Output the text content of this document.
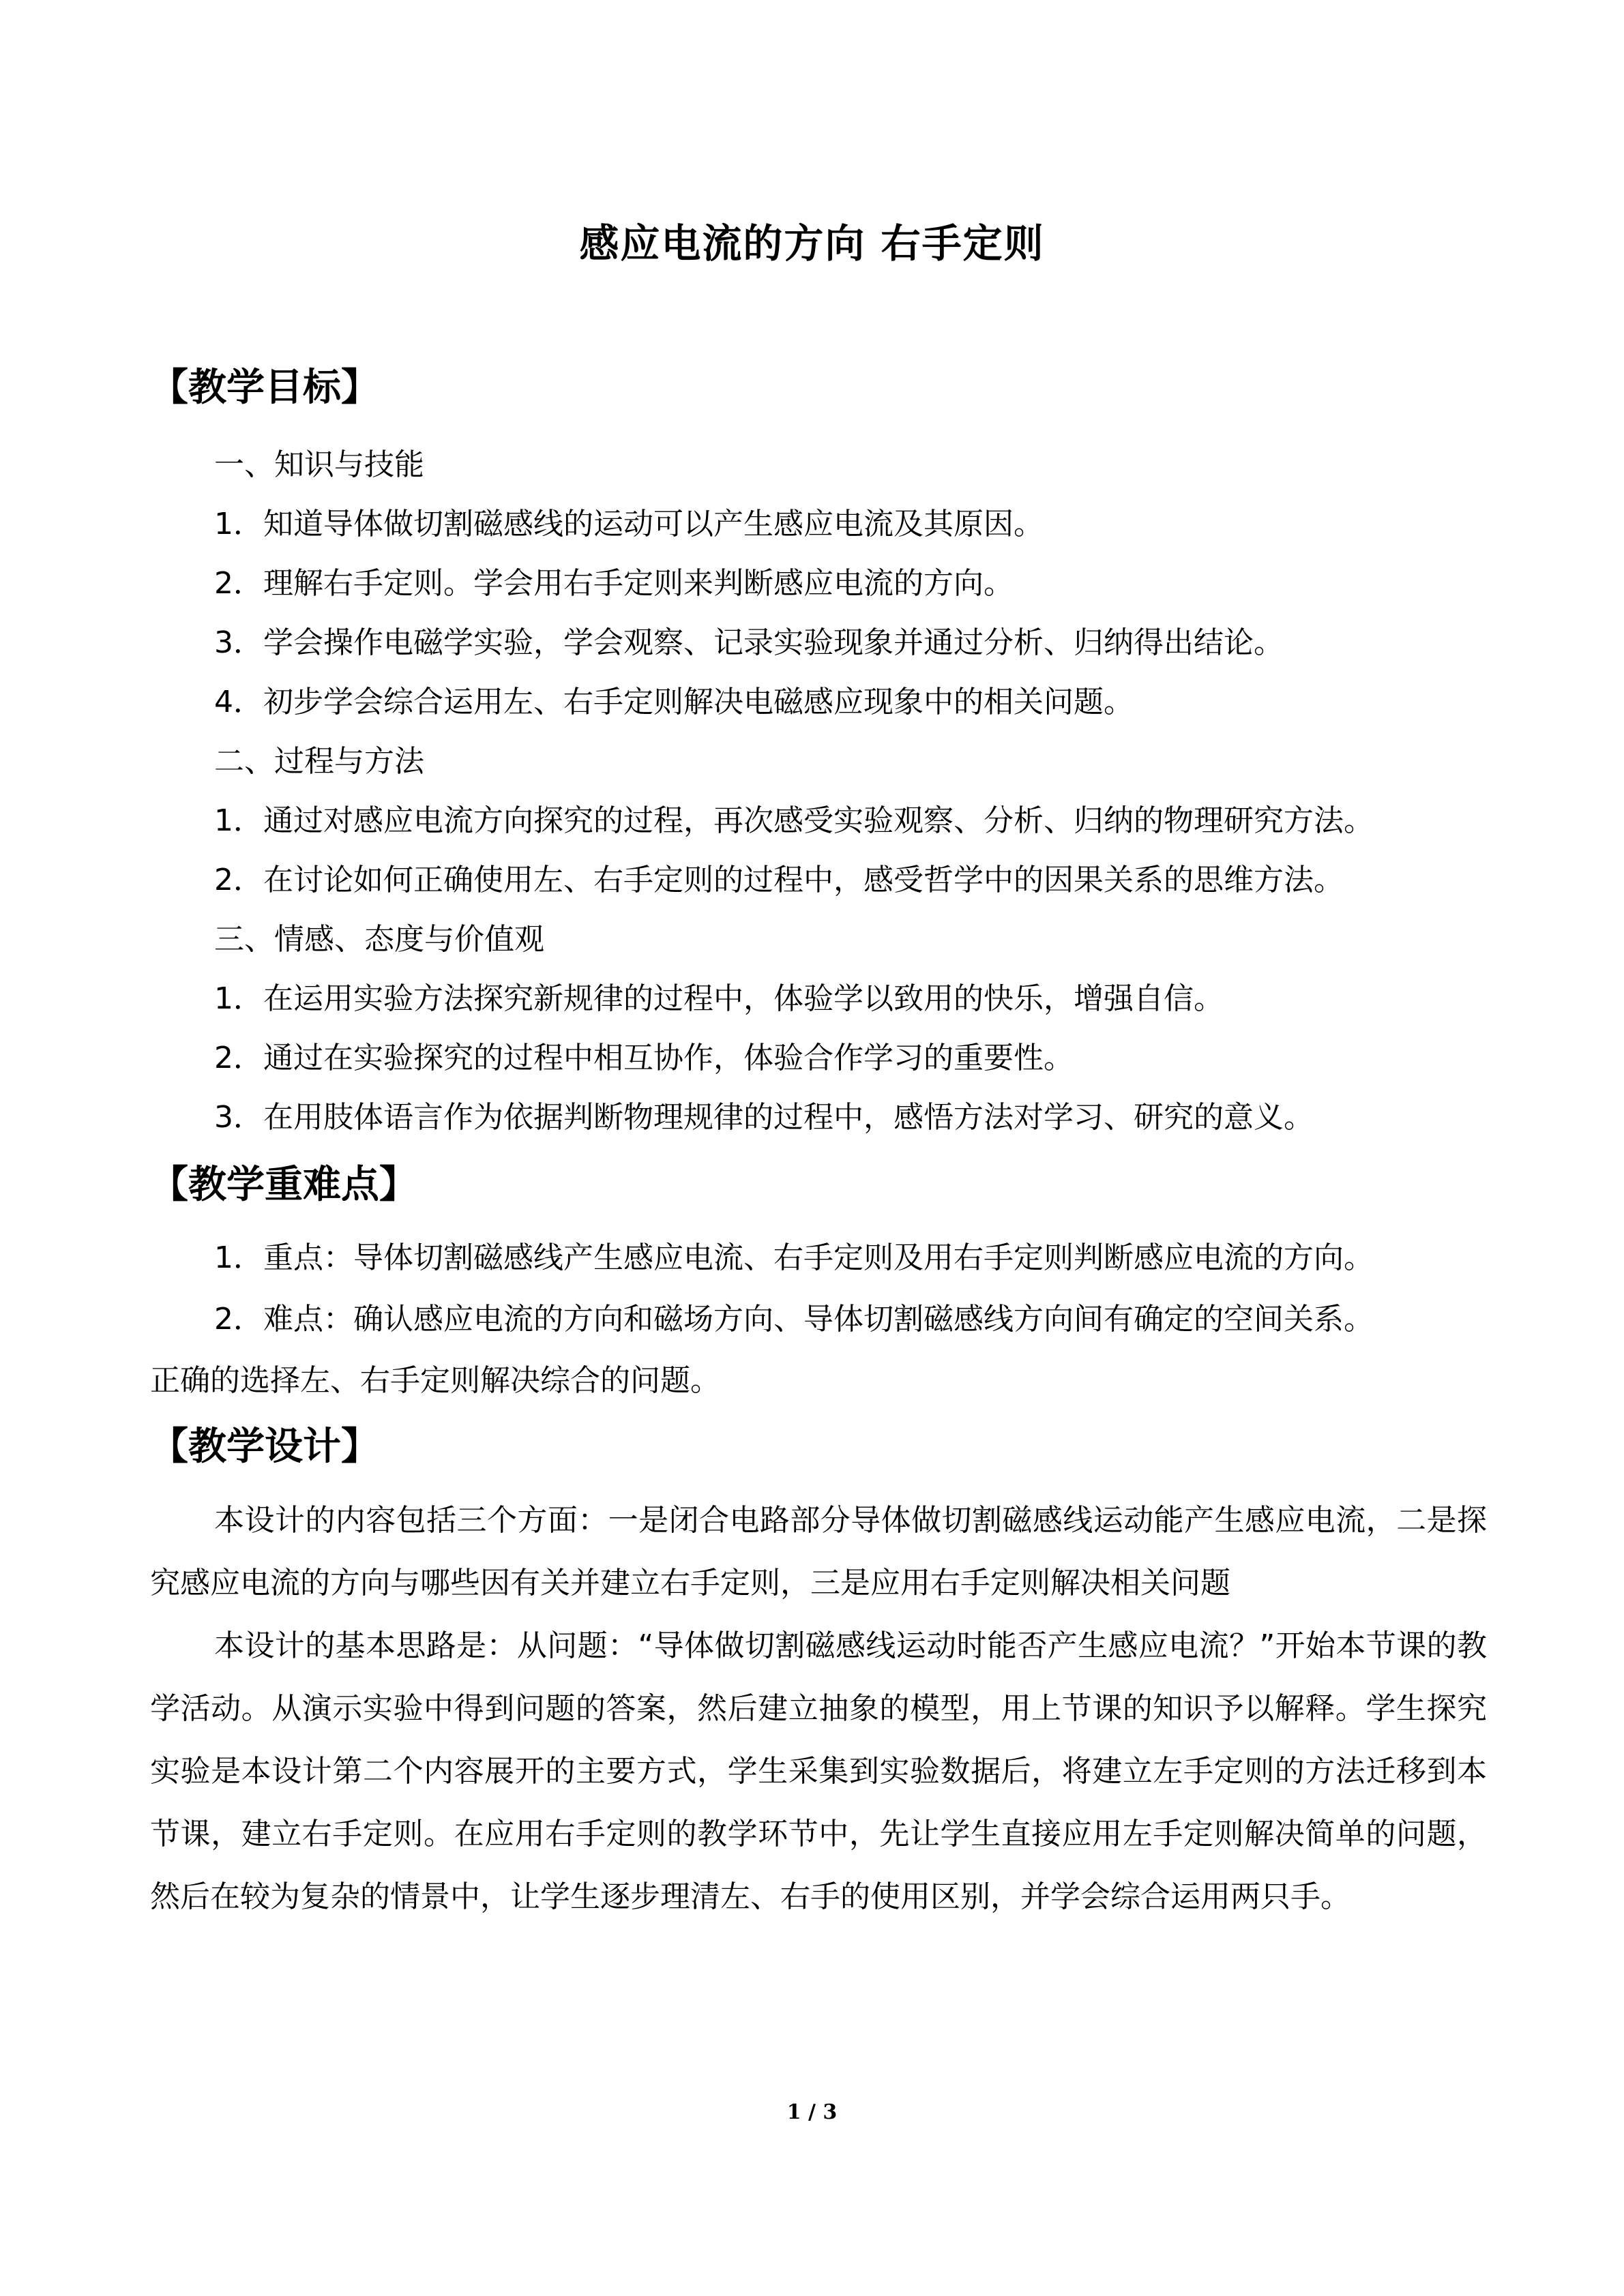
感应电流的方向 右手定则
【教学目标】
一、知识与技能
1．知道导体做切割磁感线的运动可以产生感应电流及其原因。
2．理解右手定则。学会用右手定则来判断感应电流的方向。
3．学会操作电磁学实验，学会观察、记录实验现象并通过分析、归纳得出结论。
4．初步学会综合运用左、右手定则解决电磁感应现象中的相关问题。
二、过程与方法
1．通过对感应电流方向探究的过程，再次感受实验观察、分析、归纳的物理研究方法。
2．在讨论如何正确使用左、右手定则的过程中，感受哲学中的因果关系的思维方法。
三、情感、态度与价值观
1．在运用实验方法探究新规律的过程中，体验学以致用的快乐，增强自信。
2．通过在实验探究的过程中相互协作，体验合作学习的重要性。
3．在用肢体语言作为依据判断物理规律的过程中，感悟方法对学习、研究的意义。
【教学重难点】
1．重点：导体切割磁感线产生感应电流、右手定则及用右手定则判断感应电流的方向。
2．难点：确认感应电流的方向和磁场方向、导体切割磁感线方向间有确定的空间关系。
正确的选择左、右手定则解决综合的问题。
【教学设计】
本设计的内容包括三个方面：一是闭合电路部分导体做切割磁感线运动能产生感应电流，二是探究感应电流的方向与哪些因有关并建立右手定则，三是应用右手定则解决相关问题
本设计的基本思路是：从问题：“导体做切割磁感线运动时能否产生感应电流？”开始本节课的教学活动。从演示实验中得到问题的答案，然后建立抽象的模型，用上节课的知识予以解释。学生探究实验是本设计第二个内容展开的主要方式，学生采集到实验数据后，将建立左手定则的方法迁移到本节课，建立右手定则。在应用右手定则的教学环节中，先让学生直接应用左手定则解决简单的问题，然后在较为复杂的情景中，让学生逐步理清左、右手的使用区别，并学会综合运用两只手。
1 / 3
